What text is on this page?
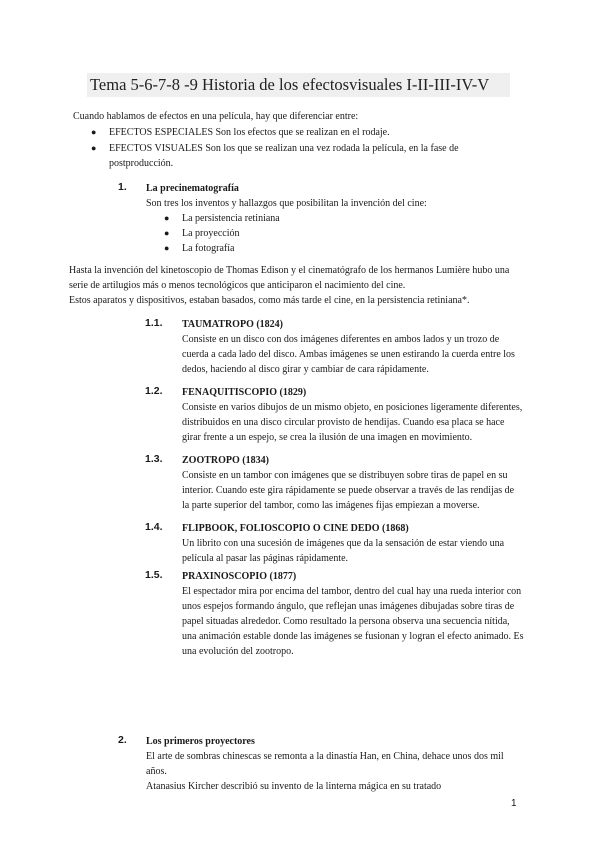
Tema 5-6-7-8 -9 Historia de los efectosvisuales I-II-III-IV-V
Cuando hablamos de efectos en una película, hay que diferenciar entre:
● EFECTOS ESPECIALES Son los efectos que se realizan en el rodaje.
● EFECTOS VISUALES Son los que se realizan una vez rodada la película, en la fase de
postproducción.
1. La precinematografía
Son tres los inventos y hallazgos que posibilitan la invención del cine:
● La persistencia retiniana
● La proyección
● La fotografía
Hasta la invención del kinetoscopio de Thomas Edison y el cinematógrafo de los hermanos Lumière hubo una
serie de artilugios más o menos tecnológicos que anticiparon el nacimiento del cine.
Estos aparatos y dispositivos, estaban basados, como más tarde el cine, en la persistencia retiniana*.
1.1. TAUMATROPO (1824)
Consiste en un disco con dos imágenes diferentes en ambos lados y un trozo de
cuerda a cada lado del disco. Ambas imágenes se unen estirando la cuerda entre los
dedos, haciendo al disco girar y cambiar de cara rápidamente.
1.2. FENAQUITISCOPIO (1829)
Consiste en varios dibujos de un mismo objeto, en posiciones ligeramente diferentes,
distribuidos en una disco circular provisto de hendijas. Cuando esa placa se hace
girar frente a un espejo, se crea la ilusión de una imagen en movimiento.
1.3. ZOOTROPO (1834)
Consiste en un tambor con imágenes que se distribuyen sobre tiras de papel en su
interior. Cuando este gira rápidamente se puede observar a través de las rendijas de
la parte superior del tambor, como las imágenes fijas empiezan a moverse.
1.4. FLIPBOOK, FOLIOSCOPIO O CINE DEDO (1868)
Un librito con una sucesión de imágenes que da la sensación de estar viendo una
película al pasar las páginas rápidamente.
1.5. PRAXINOSCOPIO (1877)
El espectador mira por encima del tambor, dentro del cual hay una rueda interior con
unos espejos formando ángulo, que reflejan unas imágenes dibujadas sobre tiras de
papel situadas alrededor. Como resultado la persona observa una secuencia nítida,
una animación estable donde las imágenes se fusionan y logran el efecto animado. Es
una evolución del zootropo.
2. Los primeros proyectores
El arte de sombras chinescas se remonta a la dinastía Han, en China, dehace unos dos mil
años.
Atanasius Kircher describió su invento de la linterna mágica en su tratado
1
